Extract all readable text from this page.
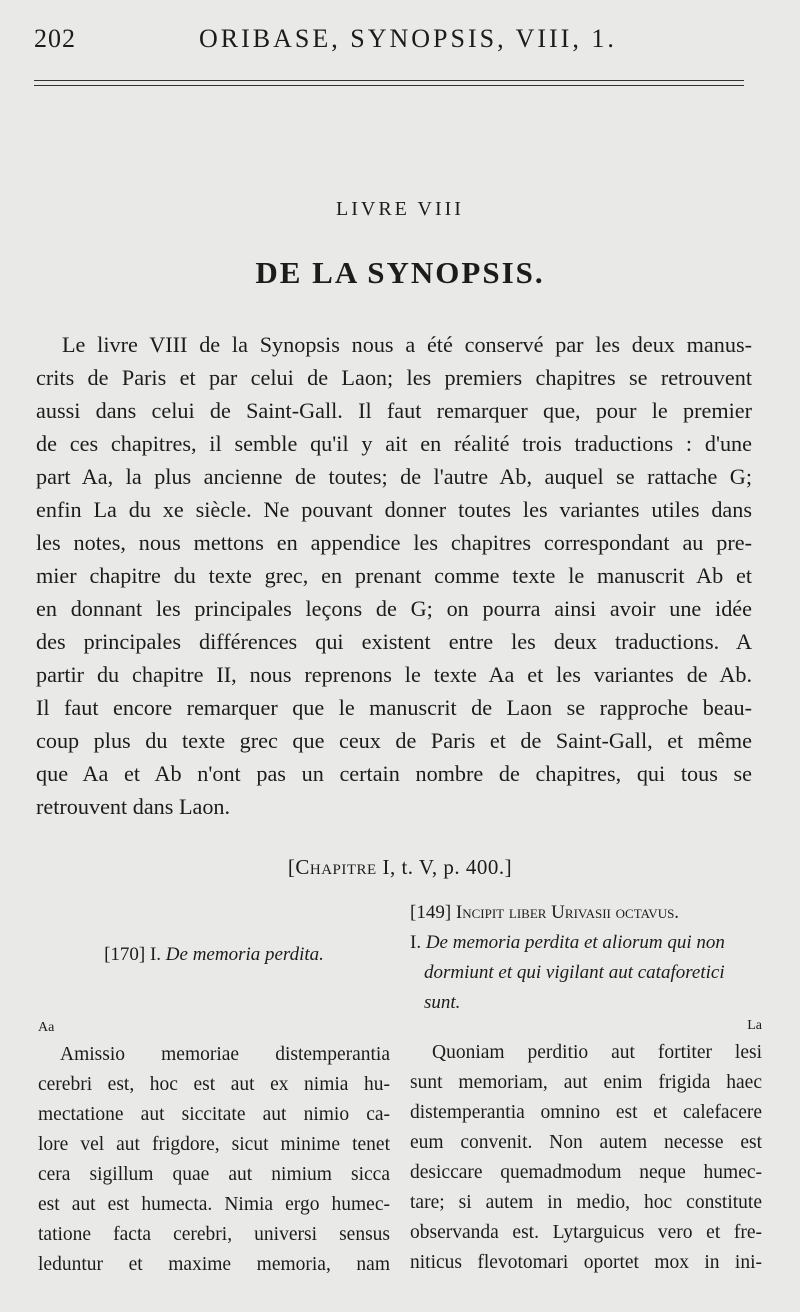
202	ORIBASE, SYNOPSIS, VIII, 1.
LIVRE VIII
DE LA SYNOPSIS.
Le livre VIII de la Synopsis nous a été conservé par les deux manus-
crits de Paris et par celui de Laon; les premiers chapitres se retrouvent
aussi dans celui de Saint-Gall. Il faut remarquer que, pour le premier
de ces chapitres, il semble qu'il y ait en réalité trois traductions : d'une
part Aa, la plus ancienne de toutes; de l'autre Ab, auquel se rattache G;
enfin La du xe siècle. Ne pouvant donner toutes les variantes utiles dans
les notes, nous mettons en appendice les chapitres correspondant au pre-
mier chapitre du texte grec, en prenant comme texte le manuscrit Ab et
en donnant les principales leçons de G; on pourra ainsi avoir une idée
des principales différences qui existent entre les deux traductions. A
partir du chapitre II, nous reprenons le texte Aa et les variantes de Ab.
Il faut encore remarquer que le manuscrit de Laon se rapproche beau-
coup plus du texte grec que ceux de Paris et de Saint-Gall, et même
que Aa et Ab n'ont pas un certain nombre de chapitres, qui tous se
retrouvent dans Laon.
[Chapitre I, t. V, p. 400.]
[170] I. De memoria perdita.
Aa
Amissio memoriae distemperantia
cerebri est, hoc est aut ex nimia hu-
mectatione aut siccitate aut nimio ca-
lore vel aut frigdore, sicut minime tenet
cera sigillum quae aut nimium sicca
est aut est humecta. Nimia ergo humec-
tatione facta cerebri, universi sensus
leduntur et maxime memoria, nam
[149] Incipit liber Urivasii octavus.
I. De memoria perdita et aliorum qui non dormiunt et qui vigilant aut cataforetici sunt.
La
Quoniam perditio aut fortiter lesi
sunt memoriam, aut enim frigida haec
distemperantia omnino est et calefacere
eum convenit. Non autem necesse est
desiccare quemadmodum neque humec-
tare; si autem in medio, hoc constitute
observanda est. Lytarguicus vero et fre-
niticus flevotomari oportet mox in ini-
